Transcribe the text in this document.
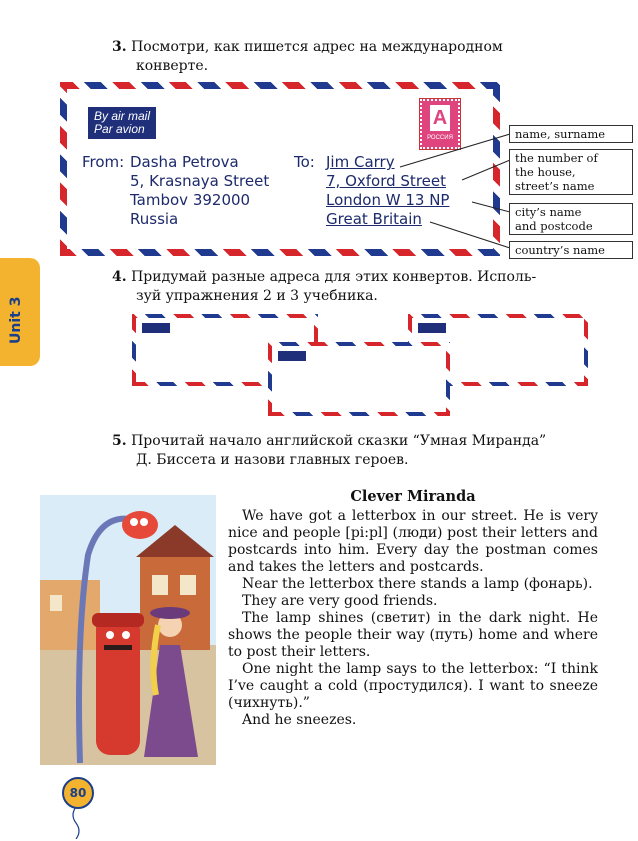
3. Посмотри, как пишется адрес на международном
конверте.
By air mail
Par avion	A
РОССИЯ
From: Dasha Petrova
5, Krasnaya Street
Tambov 392000
Russia
To: Jim Carry
7, Oxford Street
London W 13 NP
Great Britain
name, surname
the number of
the house,
street’s name
city’s name
and postcode
country’s name
Unit 3
4. Придумай разные адреса для этих конвертов. Исполь-
зуй упражнения 2 и 3 учебника.
5. Прочитай начало английской сказки “Умная Миранда”
Д. Биссета и назови главных героев.
Clever Miranda

We have got a letterbox in our street. He is very nice and people [pi:pl] (люди) post their letters and postcards into him. Every day the postman comes and takes the letters and postcards.

Near the letterbox there stands a lamp (фонарь).

They are very good friends.

The lamp shines (светит) in the dark night. He shows the people their way (путь) home and where to post their letters.

One night the lamp says to the letterbox: “I think I’ve caught a cold (простудился). I want to sneeze (чихнуть).”

And he sneezes.

80
